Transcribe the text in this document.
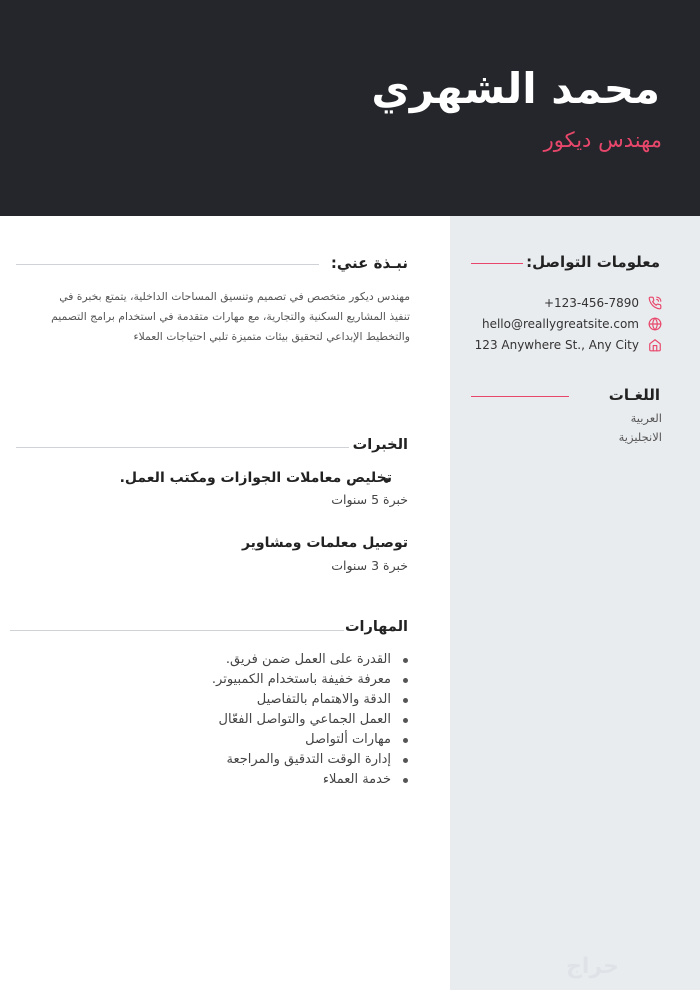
محمد الشهري
مهندس ديكور
معلومات التواصل:
+123-456-7890
hello@reallygreatsite.com
123 Anywhere St., Any City
اللغـات
العربية
الانجليزية
نبـذة عني:
مهندس ديكور متخصص في تصميم وتنسيق المساحات الداخلية، يتمتع بخبرة في تنفيذ المشاريع السكنية والتجارية، مع مهارات متقدمة في استخدام برامج التصميم والتخطيط الإبداعي لتحقيق بيئات متميزة تلبي احتياجات العملاء
الخبرات
تخليص معاملات الجوازات ومكتب العمل.
خبرة 5 سنوات
توصيل معلمات ومشاوير
خبرة 3 سنوات
المهارات
القدرة على العمل ضمن فريق.
معرفة خفيفة باستخدام الكمبيوتر.
الدقة والاهتمام بالتفاصيل
العمل الجماعي والتواصل الفعّال
مهارات ألتواصل
إدارة الوقت التدقيق والمراجعة
خدمة العملاء
حراج
